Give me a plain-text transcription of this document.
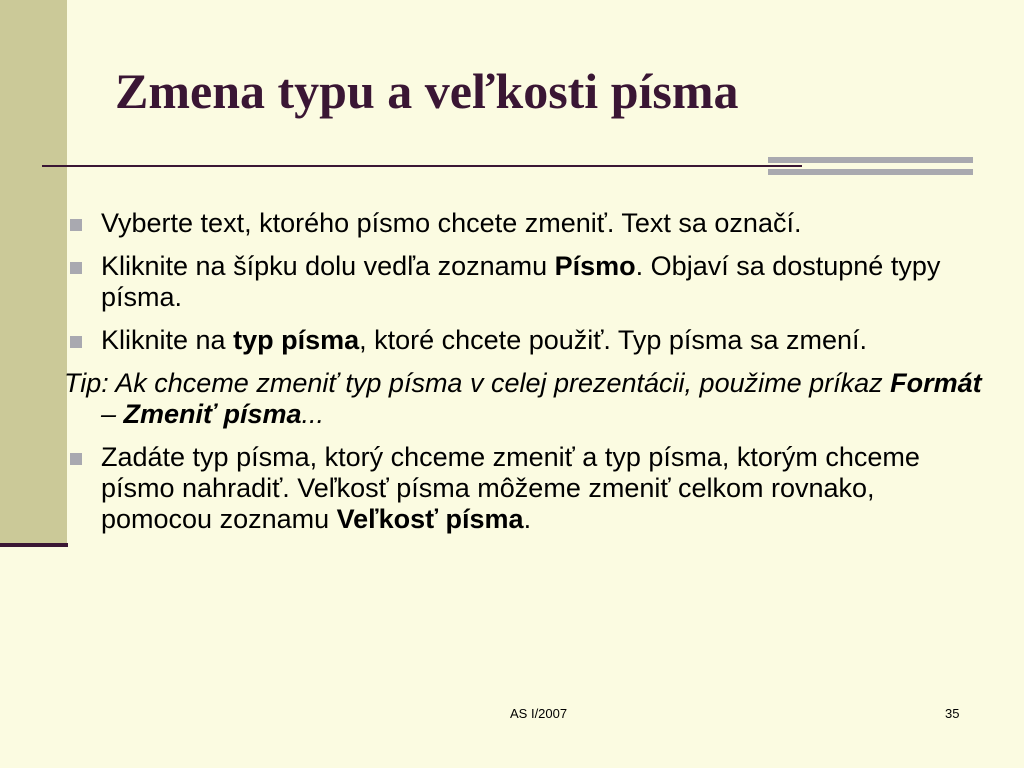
Zmena typu a veľkosti písma
Vyberte text, ktorého písmo chcete zmeniť. Text sa označí.
Kliknite na šípku dolu vedľa zoznamu Písmo. Objaví sa dostupné typy písma.
Kliknite na typ písma, ktoré chcete použiť. Typ písma sa zmení.
Tip: Ak chceme zmeniť typ písma v celej prezentácii, použime príkaz Formát – Zmeniť písma...
Zadáte typ písma, ktorý chceme zmeniť a typ písma, ktorým chceme písmo nahradiť. Veľkosť písma môžeme zmeniť celkom rovnako, pomocou zoznamu Veľkosť písma.
AS I/2007	35
